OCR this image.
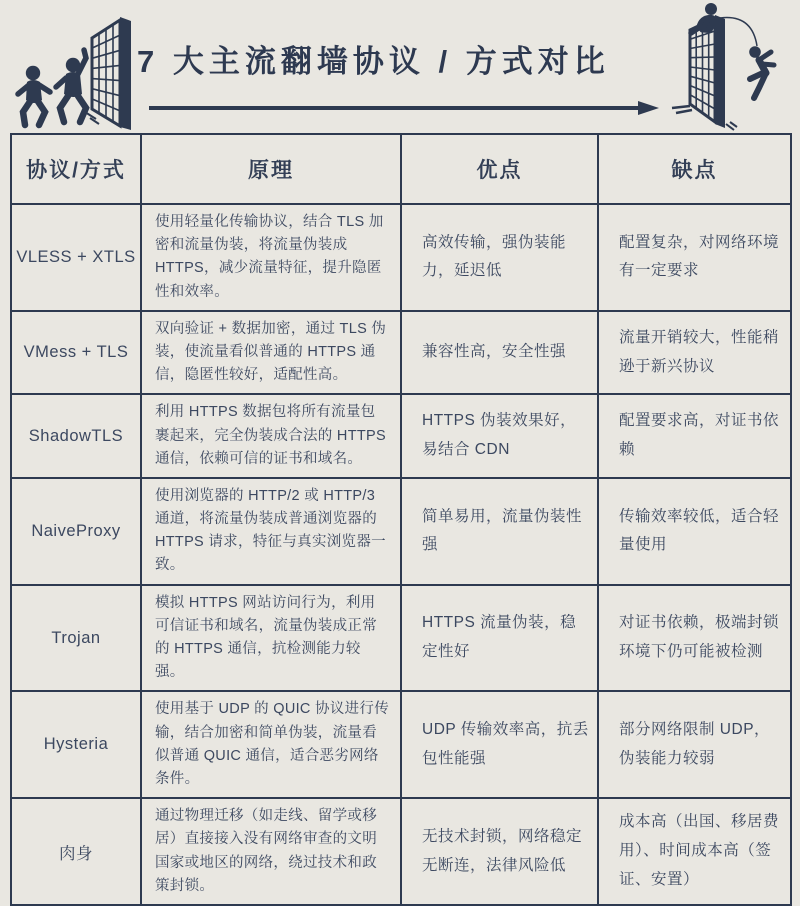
7 大主流翻墙协议 / 方式对比
协议/方式	原理	优点	缺点
VLESS + XTLS	使用轻量化传输协议，结合 TLS 加密和流量伪装，将流量伪装成 HTTPS，减少流量特征，提升隐匿性和效率。	高效传输，强伪装能力，延迟低	配置复杂，对网络环境有一定要求
VMess + TLS	双向验证 + 数据加密，通过 TLS 伪装，使流量看似普通的 HTTPS 通信，隐匿性较好，适配性高。	兼容性高，安全性强	流量开销较大，性能稍逊于新兴协议
ShadowTLS	利用 HTTPS 数据包将所有流量包裹起来，完全伪装成合法的 HTTPS 通信，依赖可信的证书和域名。	HTTPS 伪装效果好，易结合 CDN	配置要求高，对证书依赖
NaiveProxy	使用浏览器的 HTTP/2 或 HTTP/3 通道，将流量伪装成普通浏览器的 HTTPS 请求，特征与真实浏览器一致。	简单易用，流量伪装性强	传输效率较低，适合轻量使用
Trojan	模拟 HTTPS 网站访问行为，利用可信证书和域名，流量伪装成正常的 HTTPS 通信，抗检测能力较强。	HTTPS 流量伪装，稳定性好	对证书依赖，极端封锁环境下仍可能被检测
Hysteria	使用基于 UDP 的 QUIC 协议进行传输，结合加密和简单伪装，流量看似普通 QUIC 通信，适合恶劣网络条件。	UDP 传输效率高，抗丢包性能强	部分网络限制 UDP，伪装能力较弱
肉身	通过物理迁移（如走线、留学或移居）直接接入没有网络审查的文明国家或地区的网络，绕过技术和政策封锁。	无技术封锁，网络稳定无断连，法律风险低	成本高（出国、移居费用）、时间成本高（签证、安置）
